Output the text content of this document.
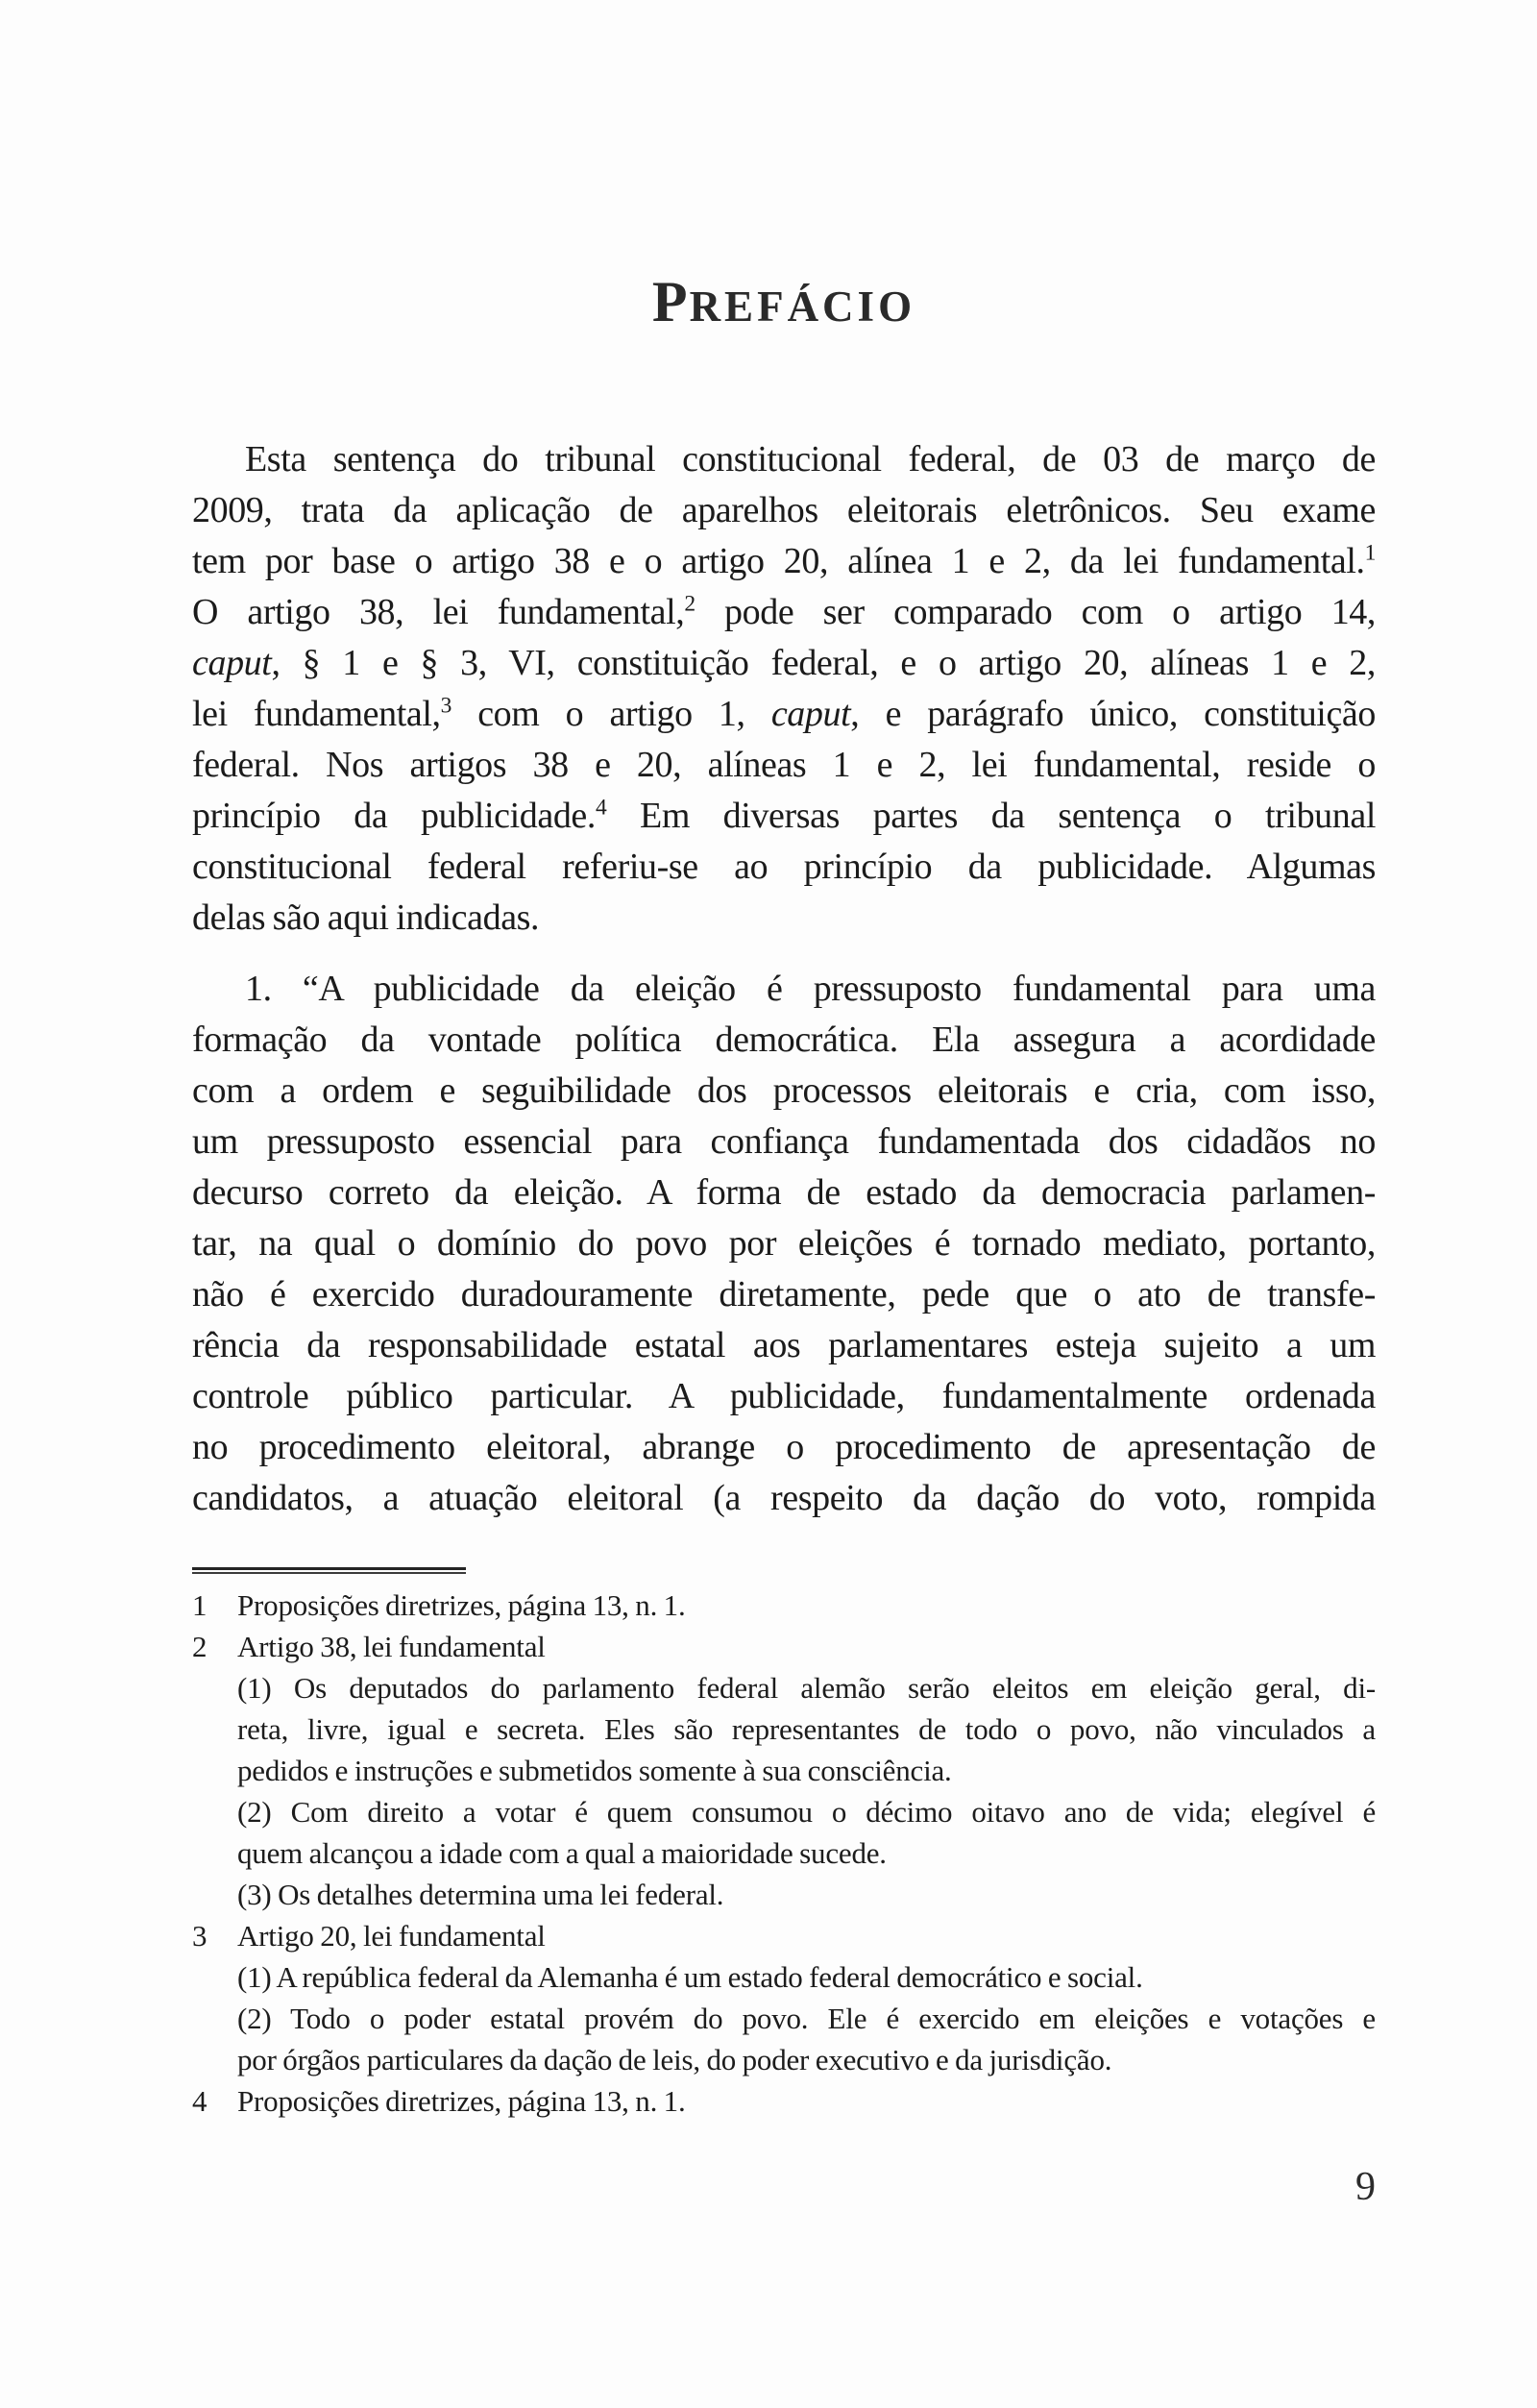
PREFÁCIO
Esta sentença do tribunal constitucional federal, de 03 de março de
2009, trata da aplicação de aparelhos eleitorais eletrônicos. Seu exame
tem por base o artigo 38 e o artigo 20, alínea 1 e 2, da lei fundamental.$^1$
O artigo 38, lei fundamental,$^2$ pode ser comparado com o artigo 14,
caput, § 1 e § 3, VI, constituição federal, e o artigo 20, alíneas 1 e 2,
lei fundamental,$^3$ com o artigo 1, caput, e parágrafo único, constituição
federal. Nos artigos 38 e 20, alíneas 1 e 2, lei fundamental, reside o
princípio da publicidade.$^4$ Em diversas partes da sentença o tribunal
constitucional federal referiu-se ao princípio da publicidade. Algumas
delas são aqui indicadas.
1. “A publicidade da eleição é pressuposto fundamental para uma
formação da vontade política democrática. Ela assegura a acordidade
com a ordem e seguibilidade dos processos eleitorais e cria, com isso,
um pressuposto essencial para confiança fundamentada dos cidadãos no
decurso correto da eleição. A forma de estado da democracia parlamen-
tar, na qual o domínio do povo por eleições é tornado mediato, portanto,
não é exercido duradouramente diretamente, pede que o ato de transfe-
rência da responsabilidade estatal aos parlamentares esteja sujeito a um
controle público particular. A publicidade, fundamentalmente ordenada
no procedimento eleitoral, abrange o procedimento de apresentação de
candidatos, a atuação eleitoral (a respeito da dação do voto, rompida
1 Proposições diretrizes, página 13, n. 1.
2 Artigo 38, lei fundamental
(1) Os deputados do parlamento federal alemão serão eleitos em eleição geral, di-
reta, livre, igual e secreta. Eles são representantes de todo o povo, não vinculados a
pedidos e instruções e submetidos somente à sua consciência.
(2) Com direito a votar é quem consumou o décimo oitavo ano de vida; elegível é
quem alcançou a idade com a qual a maioridade sucede.
(3) Os detalhes determina uma lei federal.
3 Artigo 20, lei fundamental
(1) A república federal da Alemanha é um estado federal democrático e social.
(2) Todo o poder estatal provém do povo. Ele é exercido em eleições e votações e
por órgãos particulares da dação de leis, do poder executivo e da jurisdição.
4 Proposições diretrizes, página 13, n. 1.
9
